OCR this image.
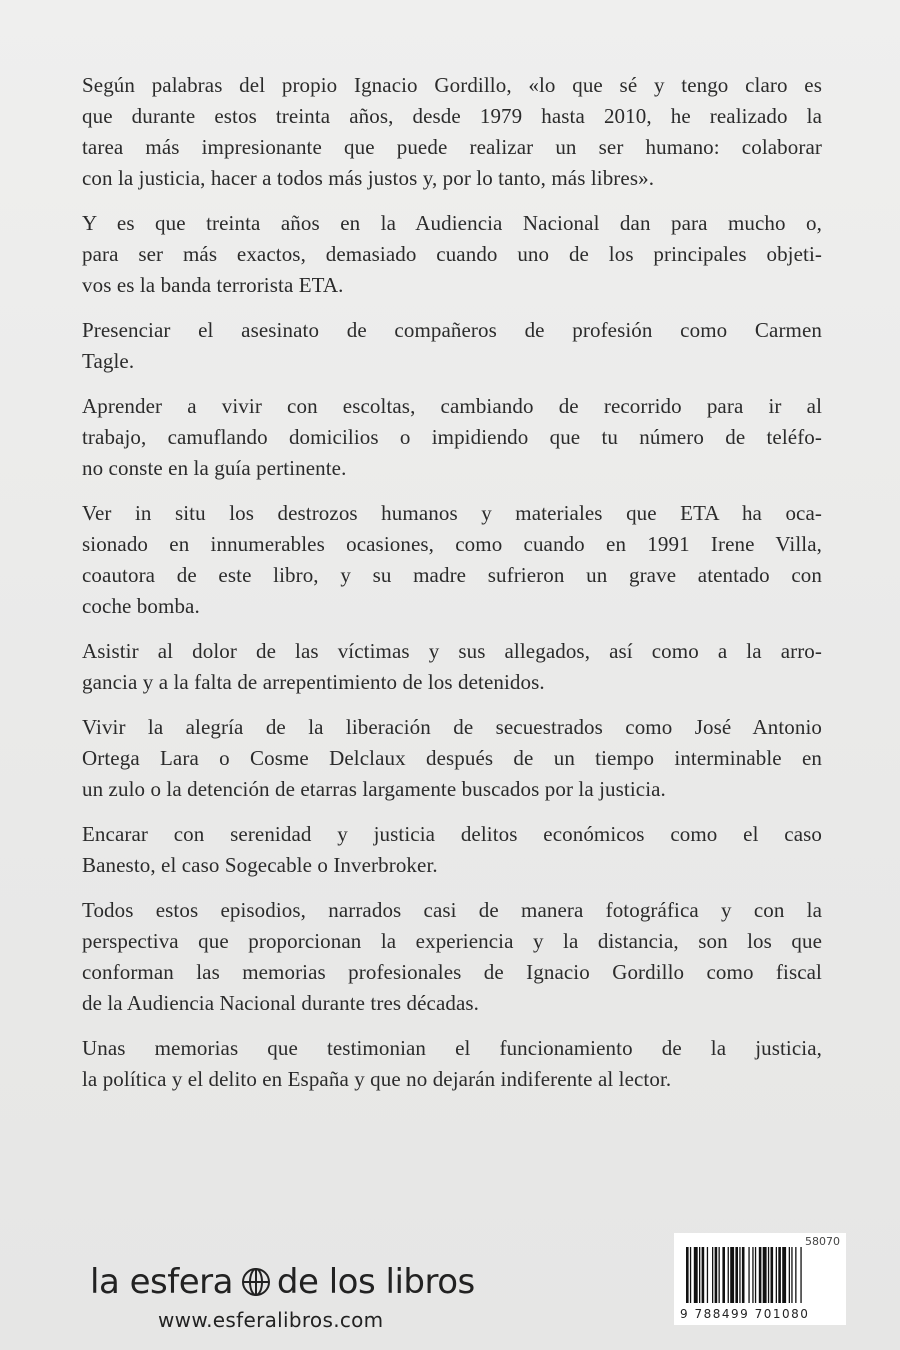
Según palabras del propio Ignacio Gordillo, «lo que sé y tengo claro es
que durante estos treinta años, desde 1979 hasta 2010, he realizado la
tarea más impresionante que puede realizar un ser humano: colaborar
con la justicia, hacer a todos más justos y, por lo tanto, más libres».

Y es que treinta años en la Audiencia Nacional dan para mucho o,
para ser más exactos, demasiado cuando uno de los principales objeti-
vos es la banda terrorista ETA.

Presenciar el asesinato de compañeros de profesión como Carmen
Tagle.

Aprender a vivir con escoltas, cambiando de recorrido para ir al
trabajo, camuflando domicilios o impidiendo que tu número de teléfo-
no conste en la guía pertinente.

Ver in situ los destrozos humanos y materiales que ETA ha oca-
sionado en innumerables ocasiones, como cuando en 1991 Irene Villa,
coautora de este libro, y su madre sufrieron un grave atentado con
coche bomba.

Asistir al dolor de las víctimas y sus allegados, así como a la arro-
gancia y a la falta de arrepentimiento de los detenidos.

Vivir la alegría de la liberación de secuestrados como José Antonio
Ortega Lara o Cosme Delclaux después de un tiempo interminable en
un zulo o la detención de etarras largamente buscados por la justicia.

Encarar con serenidad y justicia delitos económicos como el caso
Banesto, el caso Sogecable o Inverbroker.

Todos estos episodios, narrados casi de manera fotográfica y con la
perspectiva que proporcionan la experiencia y la distancia, son los que
conforman las memorias profesionales de Ignacio Gordillo como fiscal
de la Audiencia Nacional durante tres décadas.

Unas memorias que testimonian el funcionamiento de la justicia,
la política y el delito en España y que no dejarán indiferente al lector.

la esfera de los libros
www.esferalibros.com
58070
9 788499 701080
